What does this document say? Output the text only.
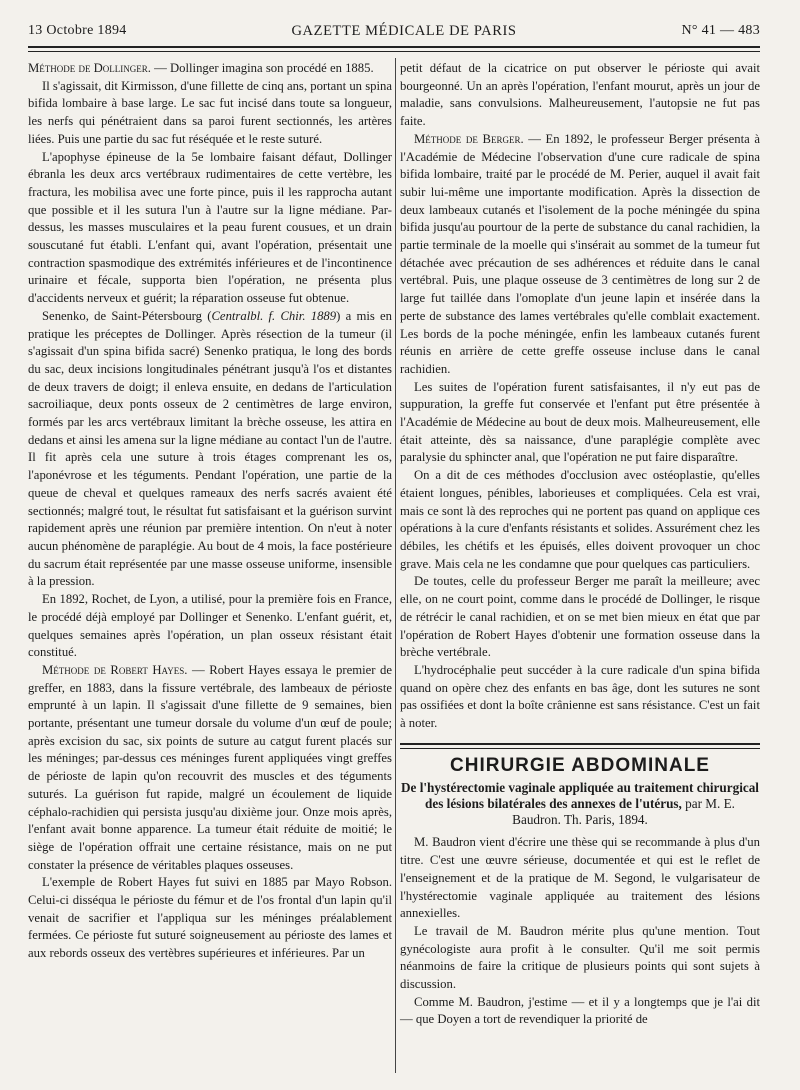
13 Octobre 1894	GAZETTE MÉDICALE DE PARIS	N° 41 — 483

Méthode de Dollinger. — Dollinger imagina son procédé en 1885.

Il s'agissait, dit Kirmisson, d'une fillette de cinq ans, portant un spina bifida lombaire à base large. Le sac fut incisé dans toute sa longueur, les nerfs qui pénétraient dans sa paroi furent sectionnés, les artères liées. Puis une partie du sac fut réséquée et le reste suturé.

L'apophyse épineuse de la 5e lombaire faisant défaut, Dollinger ébranla les deux arcs vertébraux rudimentaires de cette vertèbre, les fractura, les mobilisa avec une forte pince, puis il les rapprocha autant que possible et il les sutura l'un à l'autre sur la ligne médiane. Par-dessus, les masses musculaires et la peau furent cousues, et un drain souscutané fut établi. L'enfant qui, avant l'opération, présentait une contraction spasmodique des extrémités inférieures et de l'incontinence urinaire et fécale, supporta bien l'opération, ne présenta plus d'accidents nerveux et guérit; la réparation osseuse fut obtenue.

Senenko, de Saint-Pétersbourg (Centralbl. f. Chir. 1889) a mis en pratique les préceptes de Dollinger. Après résection de la tumeur (il s'agissait d'un spina bifida sacré) Senenko pratiqua, le long des bords du sac, deux incisions longitudinales pénétrant jusqu'à l'os et distantes de deux travers de doigt; il enleva ensuite, en dedans de l'articulation sacroiliaque, deux ponts osseux de 2 centimètres de large environ, formés par les arcs vertébraux limitant la brèche osseuse, les attira en dedans et ainsi les amena sur la ligne médiane au contact l'un de l'autre. Il fit après cela une suture à trois étages comprenant les os, l'aponévrose et les téguments. Pendant l'opération, une partie de la queue de cheval et quelques rameaux des nerfs sacrés avaient été sectionnés; malgré tout, le résultat fut satisfaisant et la guérison survint rapidement après une réunion par première intention. On n'eut à noter aucun phénomène de paraplégie. Au bout de 4 mois, la face postérieure du sacrum était représentée par une masse osseuse uniforme, insensible à la pression.

En 1892, Rochet, de Lyon, a utilisé, pour la première fois en France, le procédé déjà employé par Dollinger et Senenko. L'enfant guérit, et, quelques semaines après l'opération, un plan osseux résistant était constitué.

Méthode de Robert Hayes. — Robert Hayes essaya le premier de greffer, en 1883, dans la fissure vertébrale, des lambeaux de périoste emprunté à un lapin. Il s'agissait d'une fillette de 9 semaines, bien portante, présentant une tumeur dorsale du volume d'un œuf de poule; après excision du sac, six points de suture au catgut furent placés sur les méninges; par-dessus ces méninges furent appliquées vingt greffes de périoste de lapin qu'on recouvrit des muscles et des téguments suturés. La guérison fut rapide, malgré un écoulement de liquide céphalo-rachidien qui persista jusqu'au dixième jour. Onze mois après, l'enfant avait bonne apparence. La tumeur était réduite de moitié; le siège de l'opération offrait une certaine résistance, mais on ne put constater la présence de véritables plaques osseuses.

L'exemple de Robert Hayes fut suivi en 1885 par Mayo Robson. Celui-ci disséqua le périoste du fémur et de l'os frontal d'un lapin qu'il venait de sacrifier et l'appliqua sur les méninges préalablement fermées. Ce périoste fut suturé soigneusement au périoste des lames et aux rebords osseux des vertèbres supérieures et inférieures. Par un

petit défaut de la cicatrice on put observer le périoste qui avait bourgeonné. Un an après l'opération, l'enfant mourut, après un jour de maladie, sans convulsions. Malheureusement, l'autopsie ne fut pas faite.

Méthode de Berger. — En 1892, le professeur Berger présenta à l'Académie de Médecine l'observation d'une cure radicale de spina bifida lombaire, traité par le procédé de M. Perier, auquel il avait fait subir lui-même une importante modification. Après la dissection de deux lambeaux cutanés et l'isolement de la poche méningée du spina bifida jusqu'au pourtour de la perte de substance du canal rachidien, la partie terminale de la moelle qui s'insérait au sommet de la tumeur fut détachée avec précaution de ses adhérences et réduite dans le canal vertébral. Puis, une plaque osseuse de 3 centimètres de long sur 2 de large fut taillée dans l'omoplate d'un jeune lapin et insérée dans la perte de substance des lames vertébrales qu'elle comblait exactement. Les bords de la poche méningée, enfin les lambeaux cutanés furent réunis en arrière de cette greffe osseuse incluse dans le canal rachidien.

Les suites de l'opération furent satisfaisantes, il n'y eut pas de suppuration, la greffe fut conservée et l'enfant put être présentée à l'Académie de Médecine au bout de deux mois. Malheureusement, elle était atteinte, dès sa naissance, d'une paraplégie complète avec paralysie du sphincter anal, que l'opération ne put faire disparaître.

On a dit de ces méthodes d'occlusion avec ostéoplastie, qu'elles étaient longues, pénibles, laborieuses et compliquées. Cela est vrai, mais ce sont là des reproches qui ne portent pas quand on applique ces opérations à la cure d'enfants résistants et solides. Assurément chez les débiles, les chétifs et les épuisés, elles doivent provoquer un choc grave. Mais cela ne les condamne que pour quelques cas particuliers.

De toutes, celle du professeur Berger me paraît la meilleure; avec elle, on ne court point, comme dans le procédé de Dollinger, le risque de rétrécir le canal rachidien, et on se met bien mieux en état que par l'opération de Robert Hayes d'obtenir une formation osseuse dans la brèche vertébrale.

L'hydrocéphalie peut succéder à la cure radicale d'un spina bifida quand on opère chez des enfants en bas âge, dont les sutures ne sont pas ossifiées et dont la boîte crânienne est sans résistance. C'est un fait à noter.

CHIRURGIE ABDOMINALE

De l'hystérectomie vaginale appliquée au traitement chirurgical des lésions bilatérales des annexes de l'utérus, par M. E. Baudron. Th. Paris, 1894.

M. Baudron vient d'écrire une thèse qui se recommande à plus d'un titre. C'est une œuvre sérieuse, documentée et qui est le reflet de l'enseignement et de la pratique de M. Segond, le vulgarisateur de l'hystérectomie vaginale appliquée au traitement des lésions annexielles.

Le travail de M. Baudron mérite plus qu'une mention. Tout gynécologiste aura profit à le consulter. Qu'il me soit permis néanmoins de faire la critique de plusieurs points qui sont sujets à discussion.

Comme M. Baudron, j'estime — et il y a longtemps que je l'ai dit — que Doyen a tort de revendiquer la priorité de
